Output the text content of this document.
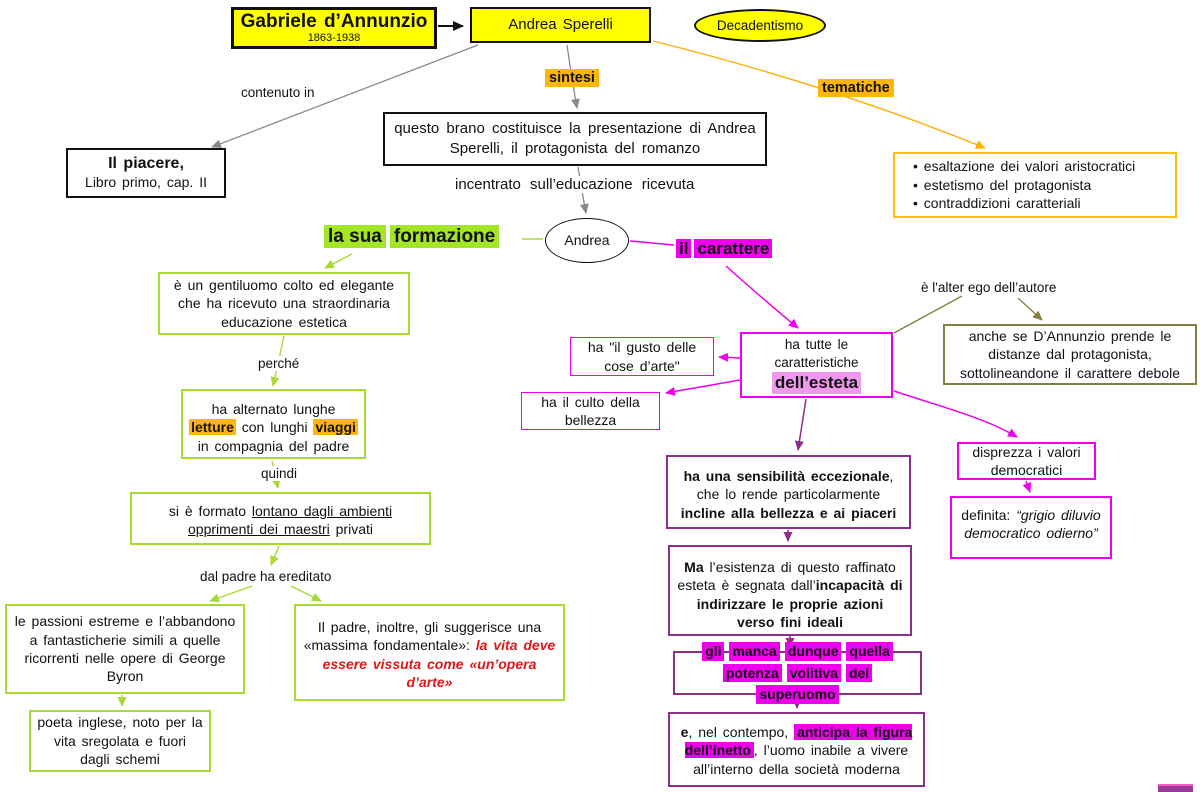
Gabriele d’Annunzio
1863-1938
Andrea Sperelli	Decadentismo
sintesi
tematiche
contenuto in
Il piacere,
Libro primo, cap. II
questo brano costituisce la presentazione di Andrea Sperelli, il protagonista del romanzo
incentrato sull’educazione ricevuta
Andrea
• esaltazione dei valori aristocratici
• estetismo del protagonista
• contraddizioni caratteriali
la sua formazione
il carattere
è un gentiluomo colto ed elegante che ha ricevuto una straordinaria educazione estetica
perché
ha alternato lunghe letture con lunghi viaggi in compagnia del padre
quindi
si è formato lontano dagli ambienti opprimenti dei maestri privati
dal padre ha ereditato
le passioni estreme e l’abbandono a fantasticherie simili a quelle ricorrenti nelle opere di George Byron
Il padre, inoltre, gli suggerisce una «massima fondamentale»: la vita deve essere vissuta come «un’opera d’arte»
poeta inglese, noto per la vita sregolata e fuori dagli schemi
ha tutte le caratteristiche
dell’esteta
ha "il gusto delle cose d’arte"
ha il culto della bellezza
è l'alter ego dell’autore
anche se D’Annunzio prende le distanze dal protagonista, sottolineandone il carattere debole
ha una sensibilità eccezionale, che lo rende particolarmente incline alla bellezza e ai piaceri
Ma l’esistenza di questo raffinato esteta è segnata dall’incapacità di indirizzare le proprie azioni verso fini ideali
gli manca dunque quella
potenza volitiva del
superuomo
e, nel contempo, anticipa la figura dell’inetto , l’uomo inabile a vivere all’interno della società moderna
disprezza i valori democratici
definita: “grigio diluvio democratico odierno”
